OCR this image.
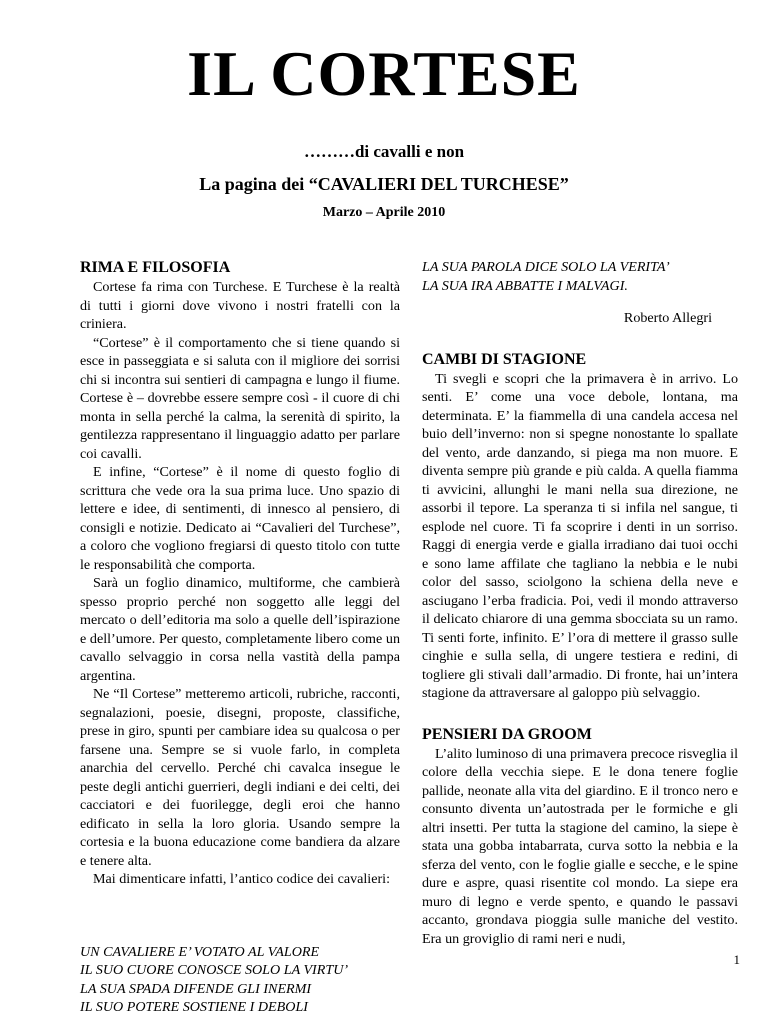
IL CORTESE
………di cavalli e non
La pagina dei “CAVALIERI DEL TURCHESE”
Marzo – Aprile 2010
RIMA E FILOSOFIA

Cortese fa rima con Turchese. E Turchese è la realtà di tutti i giorni dove vivono i nostri fratelli con la criniera.

“Cortese” è il comportamento che si tiene quando si esce in passeggiata e si saluta con il migliore dei sorrisi chi si incontra sui sentieri di campagna e lungo il fiume. Cortese è – dovrebbe essere sempre così - il cuore di chi monta in sella perché la calma, la serenità di spirito, la gentilezza rappresentano il linguaggio adatto per parlare coi cavalli.

E infine, “Cortese” è il nome di questo foglio di scrittura che vede ora la sua prima luce. Uno spazio di lettere e idee, di sentimenti, di innesco al pensiero, di consigli e notizie. Dedicato ai “Cavalieri del Turchese”, a coloro che vogliono fregiarsi di questo titolo con tutte le responsabilità che comporta.

Sarà un foglio dinamico, multiforme, che cambierà spesso proprio perché non soggetto alle leggi del mercato o dell’editoria ma solo a quelle dell’ispirazione e dell’umore. Per questo, completamente libero come un cavallo selvaggio in corsa nella vastità della pampa argentina.

Ne “Il Cortese” metteremo articoli, rubriche, racconti, segnalazioni, poesie, disegni, proposte, classifiche, prese in giro, spunti per cambiare idea su qualcosa o per farsene una. Sempre se si vuole farlo, in completa anarchia del cervello. Perché chi cavalca insegue le peste degli antichi guerrieri, degli indiani e dei celti, dei cacciatori e dei fuorilegge, degli eroi che hanno edificato in sella la loro gloria. Usando sempre la cortesia e la buona educazione come bandiera da alzare e tenere alta.

Mai dimenticare infatti, l’antico codice dei cavalieri:

UN CAVALIERE E’ VOTATO AL VALORE
IL SUO CUORE CONOSCE SOLO LA VIRTU’
LA SUA SPADA DIFENDE GLI INERMI
IL SUO POTERE SOSTIENE I DEBOLI
LA SUA PAROLA DICE SOLO LA VERITA’
LA SUA IRA ABBATTE I MALVAGI.

Roberto Allegri

CAMBI DI STAGIONE

Ti svegli e scopri che la primavera è in arrivo. Lo senti. E’ come una voce debole, lontana, ma determinata. E’ la fiammella di una candela accesa nel buio dell’inverno: non si spegne nonostante lo spallate del vento, arde danzando, si piega ma non muore. E diventa sempre più grande e più calda. A quella fiamma ti avvicini, allunghi le mani nella sua direzione, ne assorbi il tepore. La speranza ti si infila nel sangue, ti esplode nel cuore. Ti fa scoprire i denti in un sorriso. Raggi di energia verde e gialla irradiano dai tuoi occhi e sono lame affilate che tagliano la nebbia e le nubi color del sasso, sciolgono la schiena della neve e asciugano l’erba fradicia. Poi, vedi il mondo attraverso il delicato chiarore di una gemma sbocciata su un ramo. Ti senti forte, infinito. E’ l’ora di mettere il grasso sulle cinghie e sulla sella, di ungere testiera e redini, di togliere gli stivali dall’armadio. Di fronte, hai un’intera stagione da attraversare al galoppo più selvaggio.

PENSIERI DA GROOM

L’alito luminoso di una primavera precoce risveglia il colore della vecchia siepe. E le dona tenere foglie pallide, neonate alla vita del giardino. E il tronco nero e consunto diventa un’autostrada per le formiche e gli altri insetti. Per tutta la stagione del camino, la siepe è stata una gobba intabarrata, curva sotto la nebbia e la sferza del vento, con le foglie gialle e secche, e le spine dure e aspre, quasi risentite col mondo. La siepe era muro di legno e verde spento, e quando le passavi accanto, grondava pioggia sulle maniche del vestito. Era un groviglio di rami neri e nudi,

1
